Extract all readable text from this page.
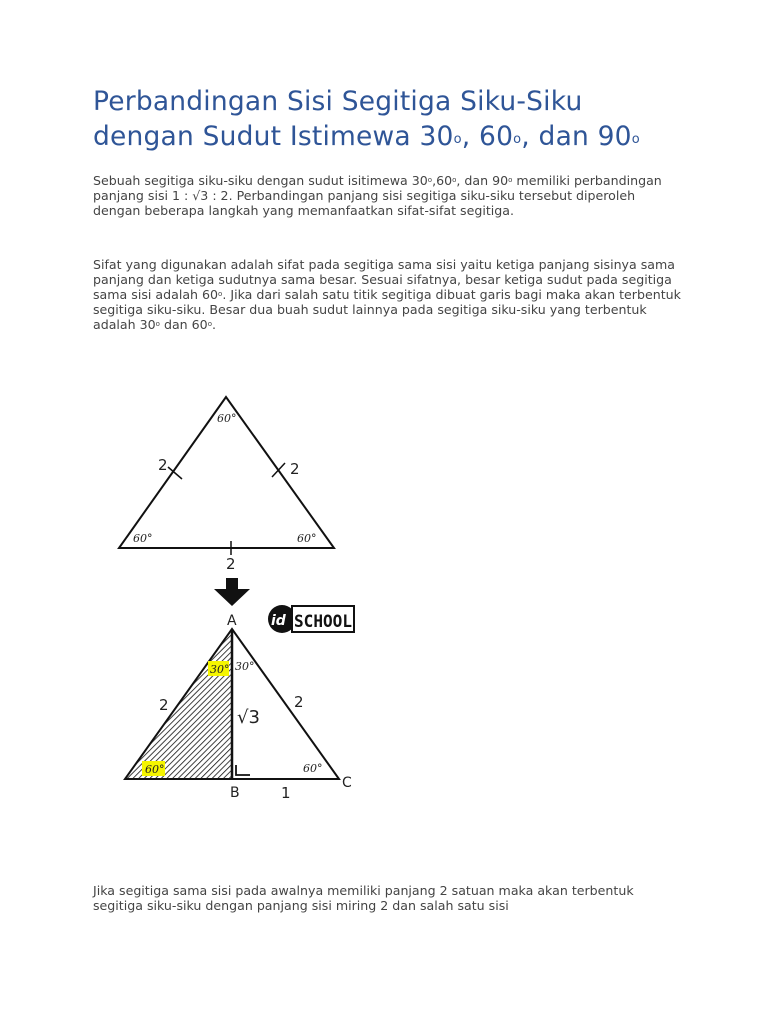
Perbandingan Sisi Segitiga Siku-Siku
dengan Sudut Istimewa 30$^o$, 60$^o$, dan 90$^o$

Sebuah segitiga siku-siku dengan sudut isitimewa 30$^o$,60$^o$, dan 90$^o$ memiliki perbandingan panjang sisi 1 : √3 : 2. Perbandingan panjang sisi segitiga siku-siku tersebut diperoleh dengan beberapa langkah yang memanfaatkan sifat-sifat segitiga.

Sifat yang digunakan adalah sifat pada segitiga sama sisi yaitu ketiga panjang sisinya sama panjang dan ketiga sudutnya sama besar. Sesuai sifatnya, besar ketiga sudut pada segitiga sama sisi adalah 60$^o$. Jika dari salah satu titik segitiga dibuat garis bagi maka akan terbentuk segitiga siku-siku. Besar dua buah sudut lainnya pada segitiga siku-siku yang terbentuk adalah 30$^o$ dan 60$^o$.

60°
60°	60°
2	2
2
id SCHOOL
30° 30°
60°	60°
A
B
C
2	2
1
√3

Jika segitiga sama sisi pada awalnya memiliki panjang 2 satuan maka akan terbentuk segitiga siku-siku dengan panjang sisi miring 2 dan salah satu sisi
